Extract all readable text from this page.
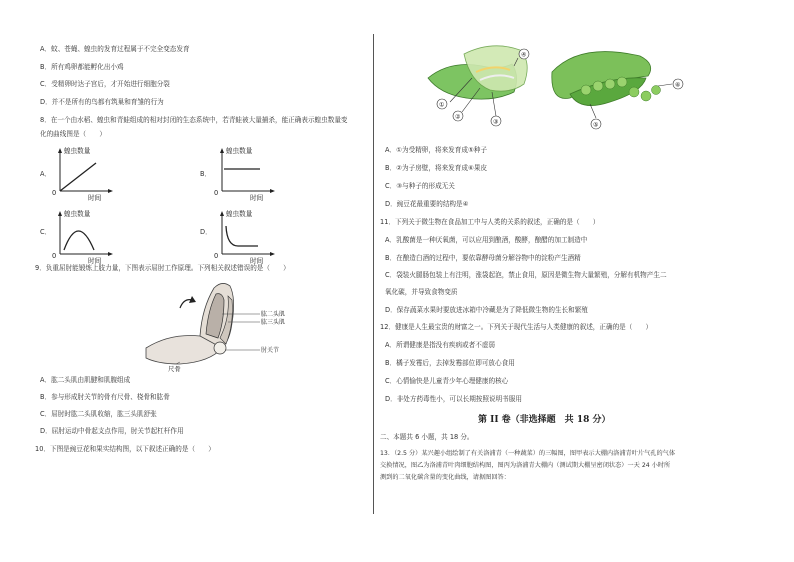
A．蚊、苍蝇、蝗虫的发育过程属于不完全变态发育
B．所有鸡卵都能孵化出小鸡
C．受精卵时达子宫后，才开始进行细胞分裂
D．并不是所有的鸟都有筑巢和育雏的行为
8．在一个由水稻、蝗虫和青蛙组成的相对封闭的生态系统中，若青蛙被大量捕杀，能正确表示蝗虫数量变
化的曲线图是（　　）
A．
蝗虫数量
0
时间
B．
蝗虫数量
0
时间
C．
蝗虫数量
0
时间
D．
蝗虫数量
0
时间
9．负重屈肘能锻炼上肢力量，下图表示屈肘工作原理。下列相关叙述错误的是（　　）
肱二头肌
肱三头肌
肘关节
尺骨
A．肱二头肌由肌腱和肌腹组成
B．参与形成肘关节的骨有尺骨、桡骨和肱骨
C．屈肘时肱二头肌收缩，肱三头肌舒张
D．屈肘运动中骨起支点作用，肘关节起杠杆作用
10．下图是豌豆花和果实结构图，以下叙述正确的是（　　）
①
②
③
④
⑥
⑤
A．①为受精卵，将来发育成⑤种子
B．②为子房壁，将来发育成⑥果皮
C．③与种子的形成无关
D．豌豆花最重要的结构是④
11．下列关于微生物在食品加工中与人类的关系的叙述，正确的是（　　）
A．乳酸菌是一种厌氧菌，可以应用到酿酒，酸酵，酿醋的加工制造中
B．在酿造白酒的过程中，要依靠酵母菌分解谷物中的淀粉产生酒精
C．袋装火腿肠包装上有注明，涨袋起泡，禁止食用，原因是微生物大量繁殖，分解有机物产生二
氧化碳，并导致食物变质
D．保存蔬菜水果时要放进冰箱中冷藏是为了降低微生物的生长和繁殖
12．健康是人生最宝贵的财富之一。下列关于现代生活与人类健康的叙述，正确的是（　　）
A．所谓健康是指没有疾病或者不虚弱
B．橘子发霉后，去掉发霉部位即可放心食用
C．心情愉快是儿童青少年心理健康的核心
D．非处方药毒性小，可以长期按照说明书服用
第 II 卷（非选择题　共 18 分）
二、本题共 6 小题，共 18 分。
13．（2.5 分）某兴趣小组绘制了有关洛浦青（一种蔬菜）的三幅图，图甲表示大棚内洛浦青叶片气孔的气体
交换情况，图乙为洛浦青叶肉细胞结构图，图丙为洛浦青大棚内（测试期大棚呈密闭状态）一天 24 小时所
测到的二氧化碳含量的变化曲线，请据图回答：
